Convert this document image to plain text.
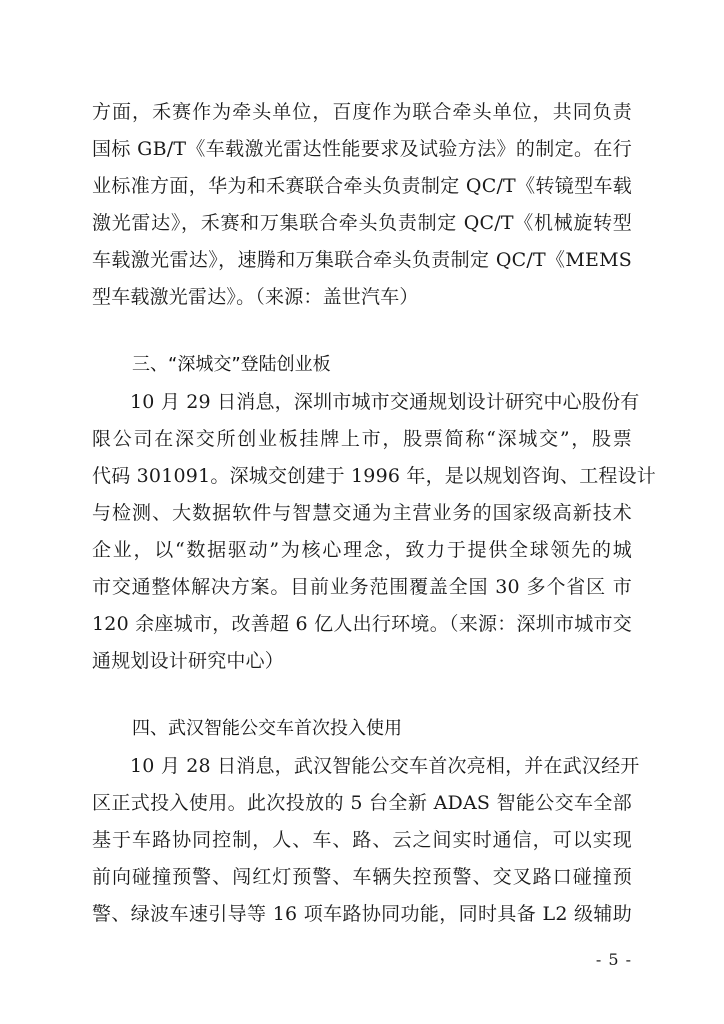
方面，禾赛作为牵头单位，百度作为联合牵头单位，共同负责
国标 GB/T《车载激光雷达性能要求及试验方法》的制定。在行
业标准方面，华为和禾赛联合牵头负责制定 QC/T《转镜型车载
激光雷达》，禾赛和万集联合牵头负责制定 QC/T《机械旋转型
车载激光雷达》，速腾和万集联合牵头负责制定 QC/T《MEMS
型车载激光雷达》。（来源：盖世汽车）
三、“深城交”登陆创业板
10 月 29 日消息，深圳市城市交通规划设计研究中心股份有
限公司在深交所创业板挂牌上市，股票简称“深城交”，股票
代码 301091。深城交创建于 1996 年，是以规划咨询、工程设计
与检测、大数据软件与智慧交通为主营业务的国家级高新技术
企业，以“数据驱动”为核心理念，致力于提供全球领先的城
市交通整体解决方案。目前业务范围覆盖全国 30 多个省区 市
120 余座城市，改善超 6 亿人出行环境。（来源：深圳市城市交
通规划设计研究中心）
四、武汉智能公交车首次投入使用
10 月 28 日消息，武汉智能公交车首次亮相，并在武汉经开
区正式投入使用。此次投放的 5 台全新 ADAS 智能公交车全部
基于车路协同控制，人、车、路、云之间实时通信，可以实现
前向碰撞预警、闯红灯预警、车辆失控预警、交叉路口碰撞预
警、绿波车速引导等 16 项车路协同功能，同时具备 L2 级辅助
- 5 -
